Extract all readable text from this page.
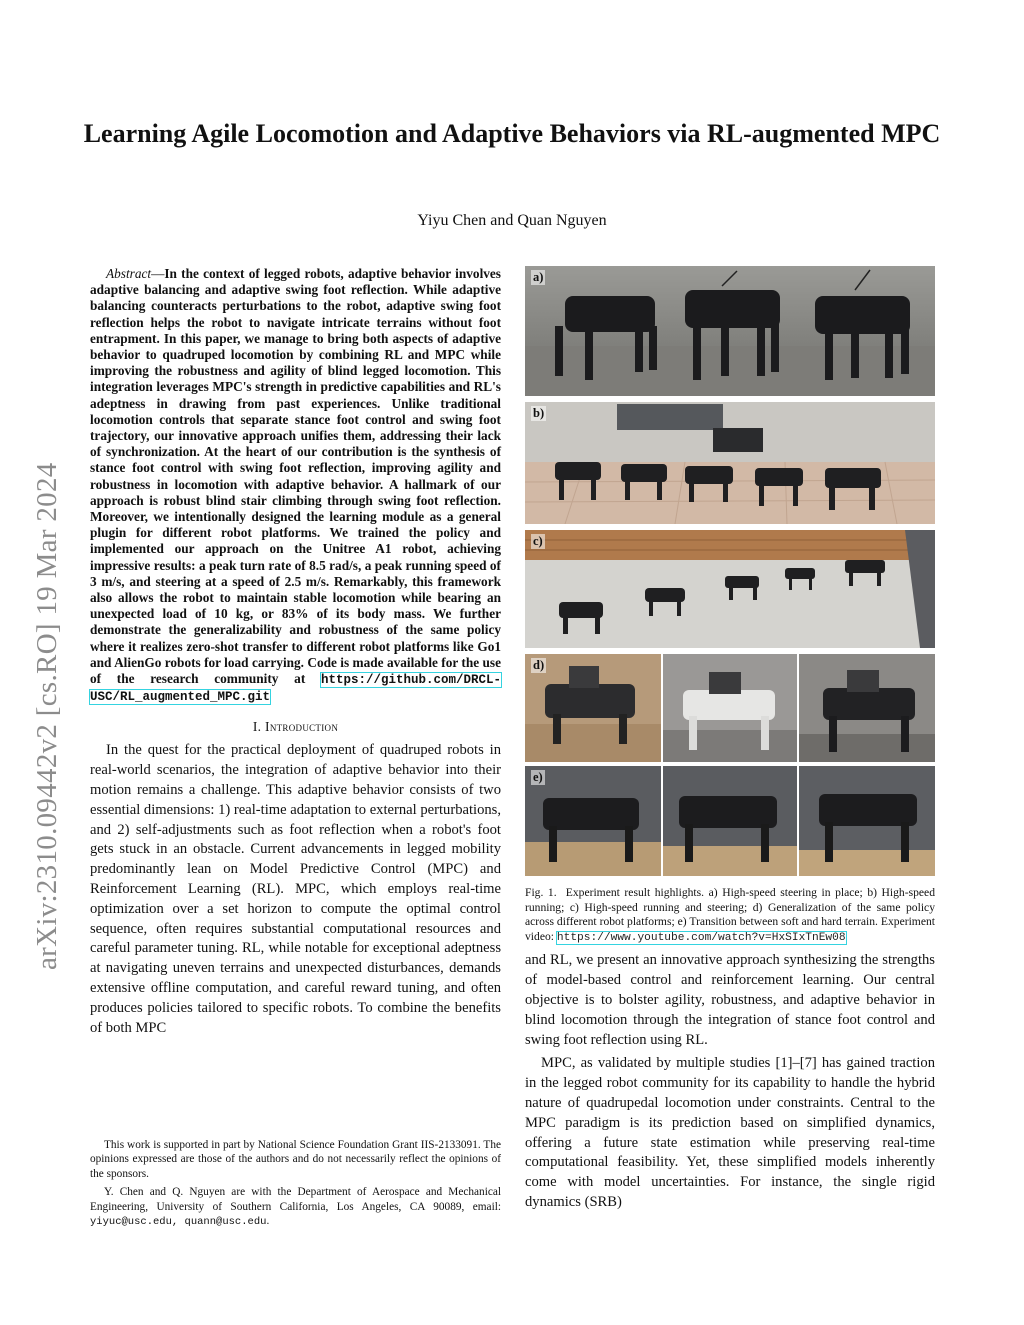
arXiv:2310.09442v2 [cs.RO] 19 Mar 2024
Learning Agile Locomotion and Adaptive Behaviors via RL-augmented MPC

Yiyu Chen and Quan Nguyen

Abstract—In the context of legged robots, adaptive behavior involves adaptive balancing and adaptive swing foot reflection. While adaptive balancing counteracts perturbations to the robot, adaptive swing foot reflection helps the robot to navigate intricate terrains without foot entrapment. In this paper, we manage to bring both aspects of adaptive behavior to quadruped locomotion by combining RL and MPC while improving the robustness and agility of blind legged locomotion. This integration leverages MPC's strength in predictive capabilities and RL's adeptness in drawing from past experiences. Unlike traditional locomotion controls that separate stance foot control and swing foot trajectory, our innovative approach unifies them, addressing their lack of synchronization. At the heart of our contribution is the synthesis of stance foot control with swing foot reflection, improving agility and robustness in locomotion with adaptive behavior. A hallmark of our approach is robust blind stair climbing through swing foot reflection. Moreover, we intentionally designed the learning module as a general plugin for different robot platforms. We trained the policy and implemented our approach on the Unitree A1 robot, achieving impressive results: a peak turn rate of 8.5 rad/s, a peak running speed of 3 m/s, and steering at a speed of 2.5 m/s. Remarkably, this framework also allows the robot to maintain stable locomotion while bearing an unexpected load of 10 kg, or 83% of its body mass. We further demonstrate the generalizability and robustness of the same policy where it realizes zero-shot transfer to different robot platforms like Go1 and AlienGo robots for load carrying. Code is made available for the use of the research community at https://github.com/DRCL-USC/RL_augmented_MPC.git

I. Introduction

In the quest for the practical deployment of quadruped robots in real-world scenarios, the integration of adaptive behavior into their motion remains a challenge. This adaptive behavior consists of two essential dimensions: 1) real-time adaptation to external perturbations, and 2) self-adjustments such as foot reflection when a robot's foot gets stuck in an obstacle. Current advancements in legged mobility predominantly lean on Model Predictive Control (MPC) and Reinforcement Learning (RL). MPC, which employs real-time optimization over a set horizon to compute the optimal control sequence, often requires substantial computational resources and careful parameter tuning. RL, while notable for exceptional adeptness at navigating uneven terrains and unexpected disturbances, demands extensive offline computation, and careful reward tuning, and often produces policies tailored to specific robots. To combine the benefits of both MPC

This work is supported in part by National Science Foundation Grant IIS-2133091. The opinions expressed are those of the authors and do not necessarily reflect the opinions of the sponsors.

Y. Chen and Q. Nguyen are with the Department of Aerospace and Mechanical Engineering, University of Southern California, Los Angeles, CA 90089, email: yiyuc@usc.edu, quann@usc.edu.

a)
b)
c)
d)
e)

Fig. 1. Experiment result highlights. a) High-speed steering in place; b) High-speed running; c) High-speed running and steering; d) Generalization of the same policy across different robot platforms; e) Transition between soft and hard terrain. Experiment video: https://www.youtube.com/watch?v=HxSIxTnEw08

and RL, we present an innovative approach synthesizing the strengths of model-based control and reinforcement learning. Our central objective is to bolster agility, robustness, and adaptive behavior in blind locomotion through the integration of stance foot control and swing foot reflection using RL.

MPC, as validated by multiple studies [1]–[7] has gained traction in the legged robot community for its capability to handle the hybrid nature of quadrupedal locomotion under constraints. Central to the MPC paradigm is its prediction based on simplified dynamics, offering a future state estimation while preserving real-time computational feasibility. Yet, these simplified models inherently come with model uncertainties. For instance, the single rigid dynamics (SRB)
